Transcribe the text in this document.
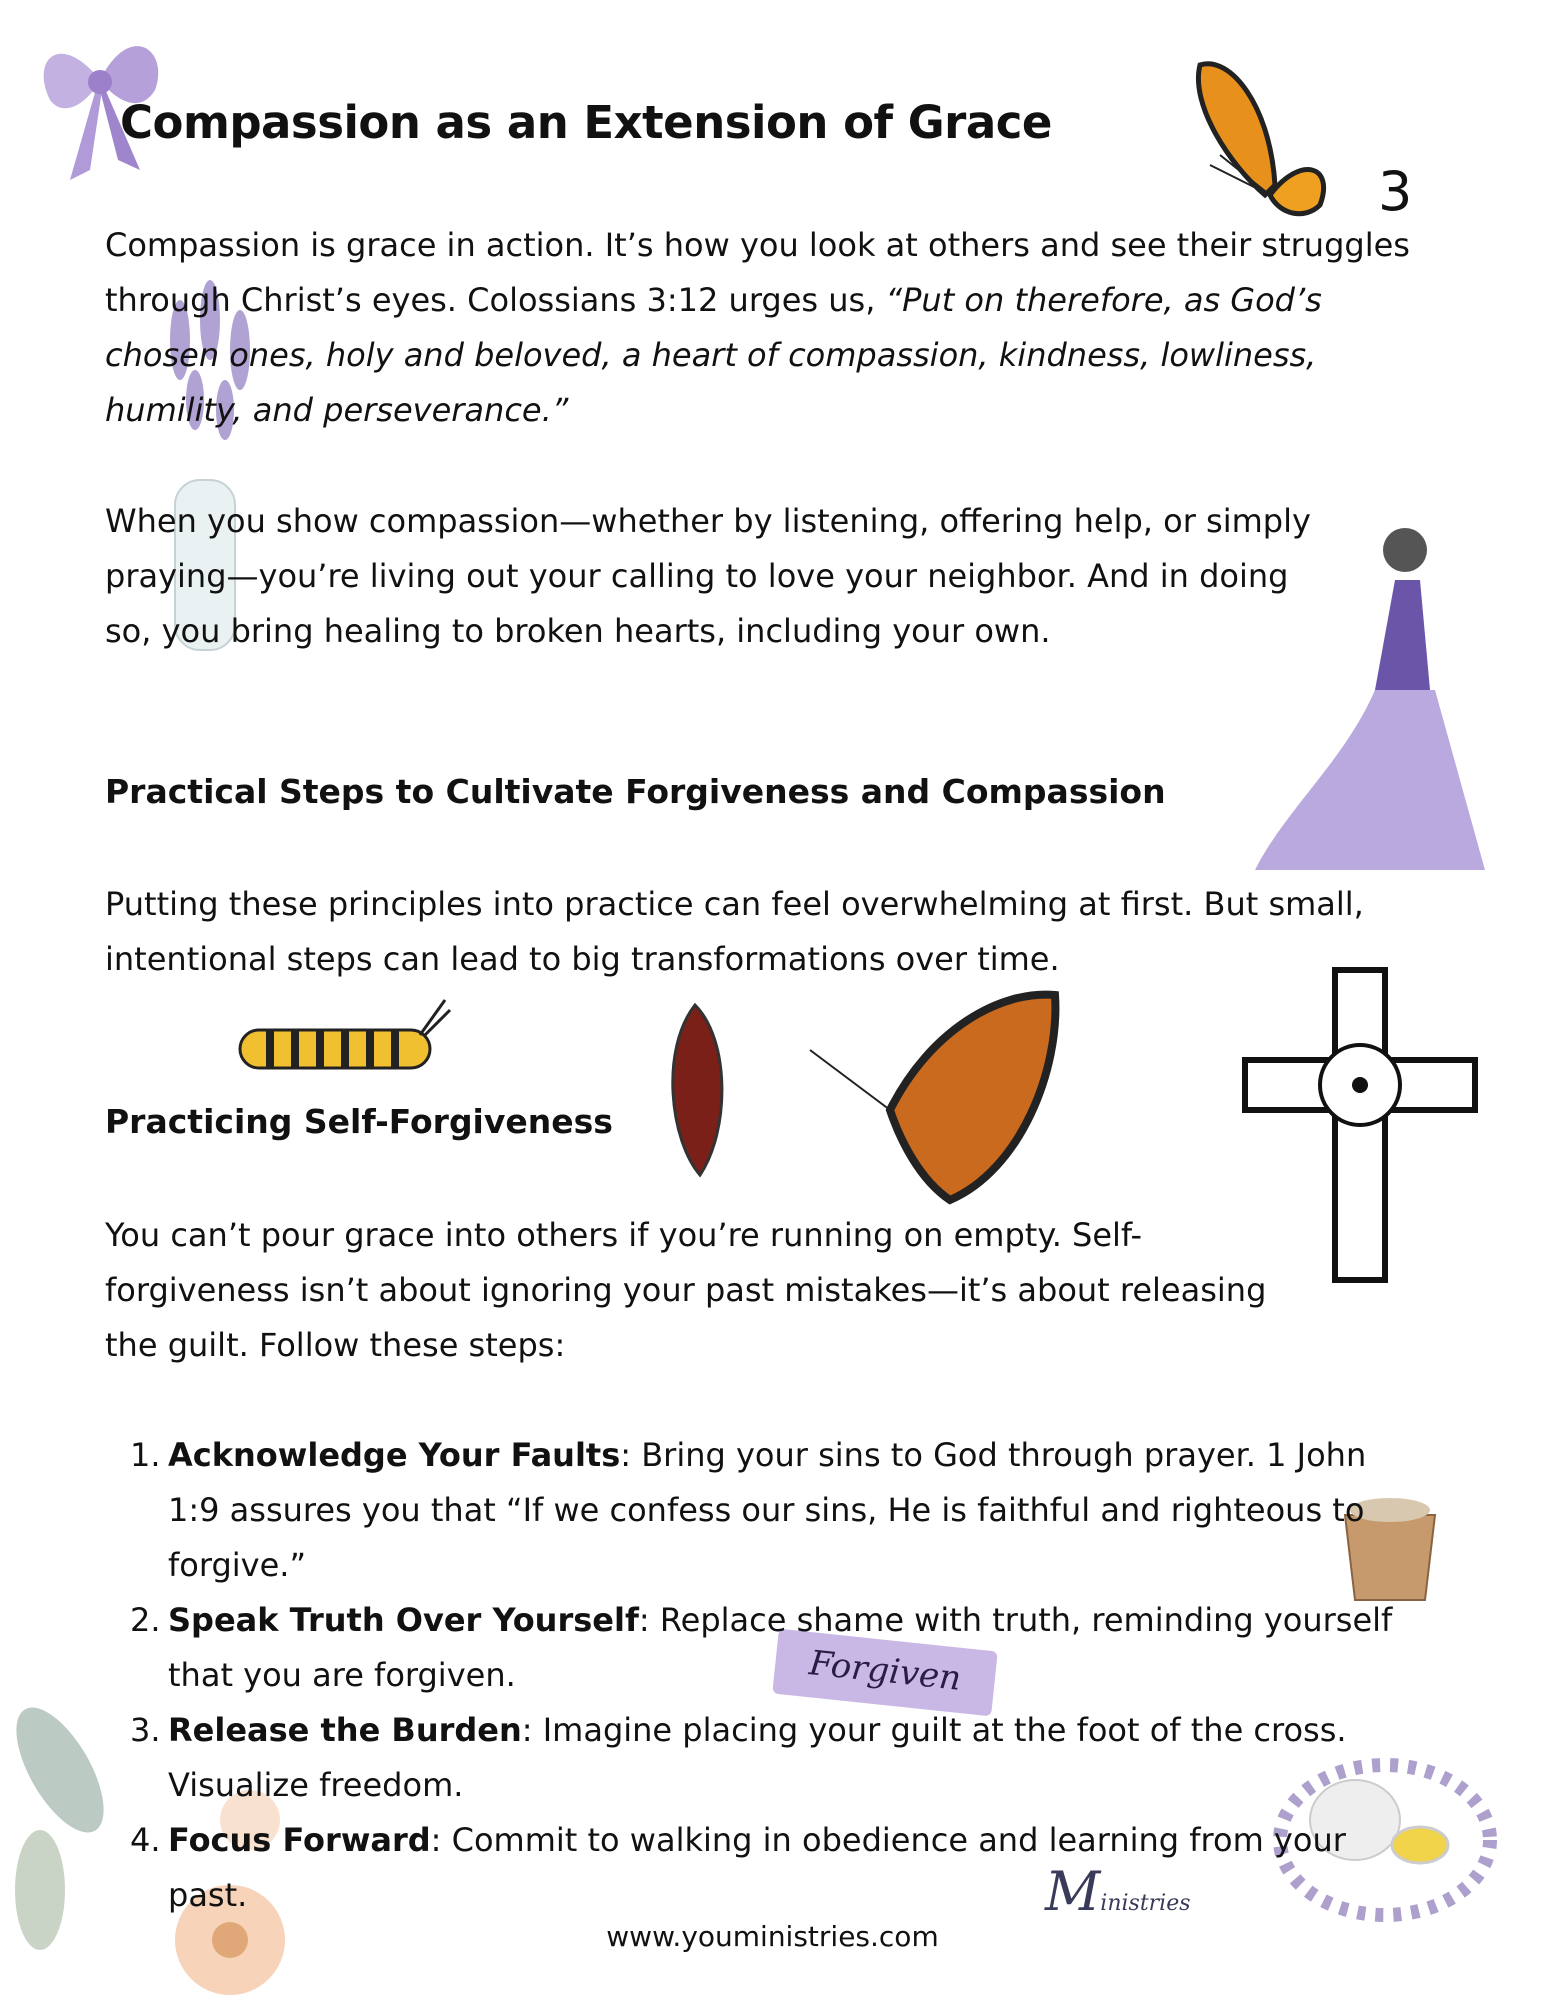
Forgiven
Ministries
Compassion as an Extension of Grace
3

Compassion is grace in action. It’s how you look at others and see their struggles through Christ’s eyes. Colossians 3:12 urges us, “Put on therefore, as God’s chosen ones, holy and beloved, a heart of compassion, kindness, lowliness, humility, and perseverance.”

When you show compassion—whether by listening, offering help, or simply praying—you’re living out your calling to love your neighbor. And in doing so, you bring healing to broken hearts, including your own.
Practical Steps to Cultivate Forgiveness and Compassion
Putting these principles into practice can feel overwhelming at first. But small, intentional steps can lead to big transformations over time.
Practicing Self-Forgiveness
You can’t pour grace into others if you’re running on empty. Self-forgiveness isn’t about ignoring your past mistakes—it’s about releasing the guilt. Follow these steps:
1. Acknowledge Your Faults: Bring your sins to God through prayer. 1 John 1:9 assures you that “If we confess our sins, He is faithful and righteous to forgive.”
2. Speak Truth Over Yourself: Replace shame with truth, reminding yourself that you are forgiven.
3. Release the Burden: Imagine placing your guilt at the foot of the cross. Visualize freedom.
4. Focus Forward: Commit to walking in obedience and learning from your past.
www.youministries.com
